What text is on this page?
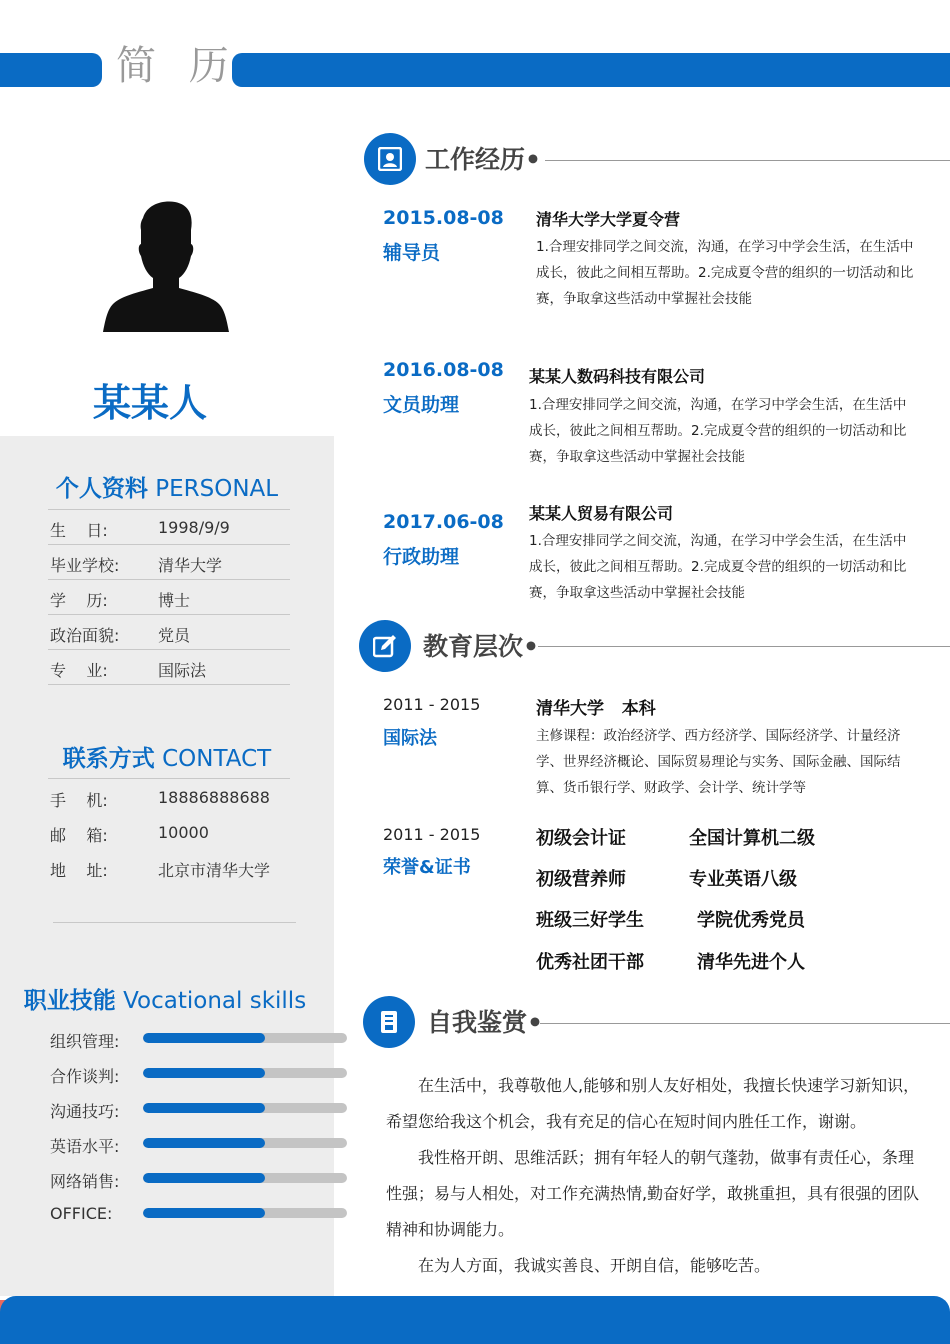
简 历
某某人
个人资料 PERSONAL
生    日:	1998/9/9
毕业学校:	清华大学
学    历:	博士
政治面貌:	党员
专    业:	国际法
联系方式 CONTACT
手    机:	18886888688
邮    箱:	10000
地    址:	北京市清华大学
职业技能 Vocational skills
组织管理:
合作谈判:
沟通技巧:
英语水平:
网络销售:
OFFICE:
工作经历•
2015.08-08
辅导员
清华大学大学夏令营
1.合理安排同学之间交流，沟通，在学习中学会生活，在生活中成长，彼此之间相互帮助。2.完成夏令营的组织的一切活动和比赛，争取拿这些活动中掌握社会技能
2016.08-08
文员助理
某某人数码科技有限公司
1.合理安排同学之间交流，沟通，在学习中学会生活，在生活中成长，彼此之间相互帮助。2.完成夏令营的组织的一切活动和比赛，争取拿这些活动中掌握社会技能
2017.06-08
行政助理
某某人贸易有限公司
1.合理安排同学之间交流，沟通，在学习中学会生活，在生活中成长，彼此之间相互帮助。2.完成夏令营的组织的一切活动和比赛，争取拿这些活动中掌握社会技能
教育层次•
2011 - 2015
国际法
清华大学   本科
主修课程：政治经济学、西方经济学、国际经济学、计量经济学、世界经济概论、国际贸易理论与实务、国际金融、国际结算、货币银行学、财政学、会计学、统计学等
2011 - 2015
荣誉&证书
初级会计证	全国计算机二级
初级营养师	专业英语八级
班级三好学生	学院优秀党员
优秀社团干部	清华先进个人
自我鉴赏•

在生活中，我尊敬他人,能够和别人友好相处，我擅长快速学习新知识，希望您给我这个机会，我有充足的信心在短时间内胜任工作，谢谢。

我性格开朗、思维活跃；拥有年轻人的朝气蓬勃，做事有责任心，条理性强；易与人相处，对工作充满热情,勤奋好学，敢挑重担，具有很强的团队精神和协调能力。

在为人方面，我诚实善良、开朗自信，能够吃苦。
